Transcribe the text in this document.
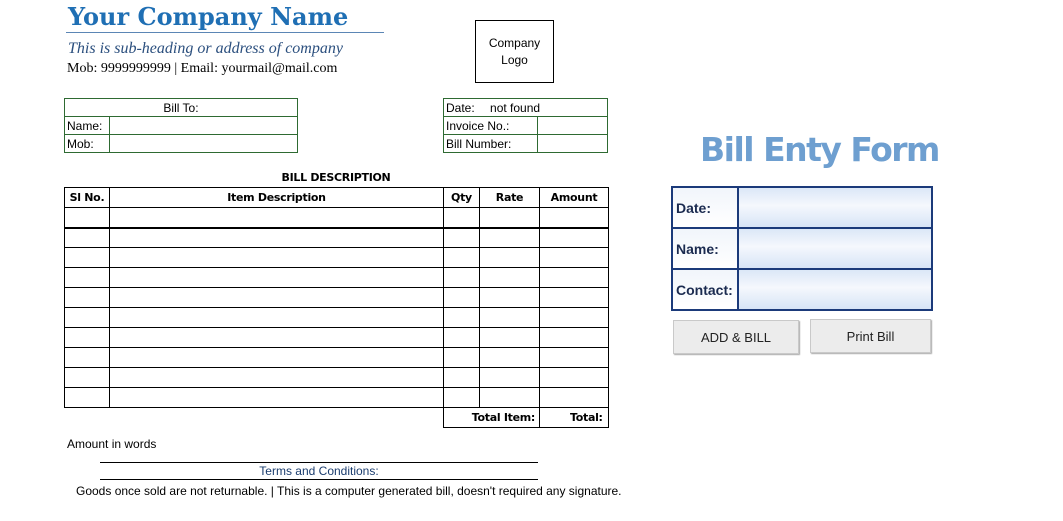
Your Company Name
This is sub-heading or address of company
Mob: 9999999999 | Email: yourmail@mail.com
Company
Logo
Bill To:	
Name:	
Mob:	
Date: not found	
Invoice No.:	
Bill Number:	
BILL DESCRIPTION
Sl No.	Item Description	Qty	Rate	Amount

		Total Item:		Total:
Amount in words
Terms and Conditions:
Goods once sold are not returnable. | This is a computer generated bill, doesn't required any signature.
Bill Enty Form
Date:	
Name:	
Contact:	
ADD & BILL	Print Bill
